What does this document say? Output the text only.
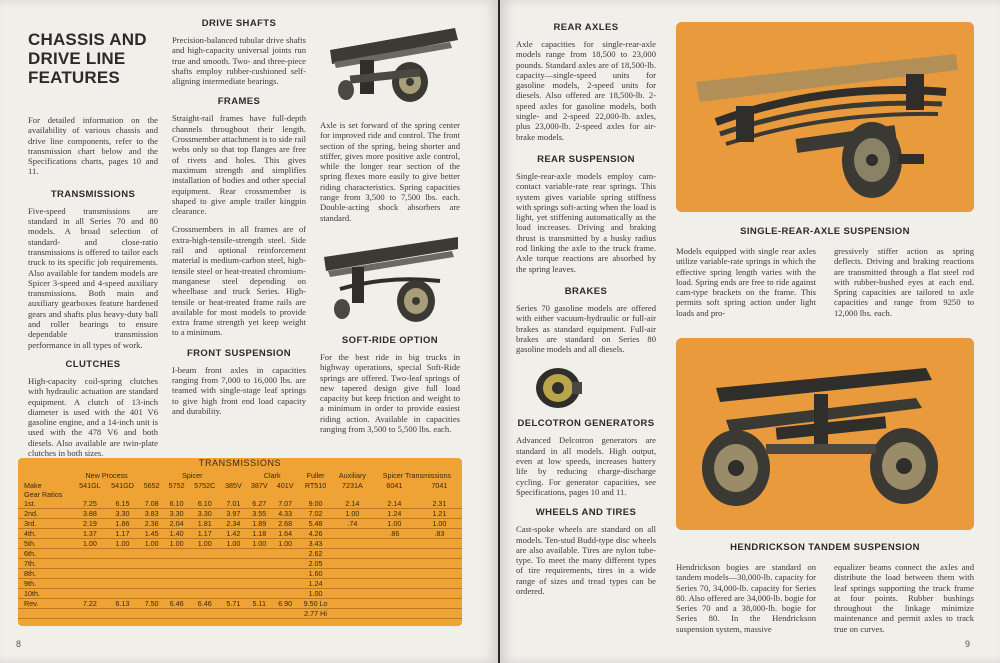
CHASSIS AND
DRIVE LINE
FEATURES

For detailed information on the availability of various chassis and drive line components, refer to the transmission chart below and the Specifications charts, pages 10 and 11.

TRANSMISSIONS

Five-speed transmissions are standard in all Series 70 and 80 models. A broad selection of standard- and close-ratio transmissions is offered to tailor each truck to its specific job requirements. Also available for tandem models are Spicer 3-speed and 4-speed auxiliary transmissions. Both main and auxiliary gearboxes feature hardened gears and shafts plus heavy-duty ball and roller bearings to ensure dependable transmission performance in all types of work.

CLUTCHES

High-capacity coil-spring clutches with hydraulic actuation are standard equipment. A clutch of 13-inch diameter is used with the 401 V6 gasoline engine, and a 14-inch unit is used with the 478 V6 and both diesels. Also available are twin-plate clutches in both sizes.

DRIVE SHAFTS

Precision-balanced tubular drive shafts and high-capacity universal joints run true and smooth. Two- and three-piece shafts employ rubber-cushioned self-aligning intermediate bearings.

FRAMES

Straight-rail frames have full-depth channels throughout their length. Crossmember attachment is to side rail webs only so that top flanges are free of rivets and holes. This gives maximum strength and simplifies installation of bodies and other special equipment. Rear crossmember is shaped to give ample trailer kingpin clearance.

Crossmembers in all frames are of extra-high-tensile-strength steel. Side rail and optional reinforcement material is medium-carbon steel, high-tensile steel or heat-treated chromium-manganese steel depending on wheelbase and truck Series. High-tensile or heat-treated frame rails are available for most models to provide extra frame strength yet keep weight to a minimum.

FRONT SUSPENSION

I-beam front axles in capacities ranging from 7,000 to 16,000 lbs. are teamed with single-stage leaf springs to give high front end load capacity and durability.

Axle is set forward of the spring center for improved ride and control. The front section of the spring, being shorter and stiffer, gives more positive axle control, while the longer rear section of the spring flexes more easily to give better riding characteristics. Spring capacities range from 3,500 to 7,500 lbs. each. Double-acting shock absorbers are standard.

SOFT-RIDE OPTION

For the best ride in big trucks in highway operations, special Soft-Ride springs are offered. Two-leaf springs of new tapered design give full load capacity but keep friction and weight to a minimum in order to provide easiest riding action. Available in capacities ranging from 3,500 to 5,500 lbs. each.

TRANSMISSIONS
	New Process			Spicer			Clark		Fuller	Auxiliary	Spicer Transmissions	
Make	541GL	541GD	5652	5752	5752C	385V	387V	401V	RT510	7231A	6041	7041
Gear Ratios												
1st.	7.25	6.15	7.08	6.10	6.10	7.01	6.27	7.07	9.00	2.14	2.14	2.31
2nd.	3.88	3.30	3.83	3.30	3.30	3.97	3.55	4.33	7.02	1.00	1.24	1.21
3rd.	2.19	1.86	2.36	2.04	1.81	2.34	1.89	2.68	5.48	.74	1.00	1.00
4th.	1.37	1.17	1.45	1.40	1.17	1.42	1.18	1.64	4.26		.86	.83
5th.	1.00	1.00	1.00	1.00	1.00	1.00	1.00	1.00	3.43			
6th.									2.62			
7th.									2.05			
8th.									1.60			
9th.									1.24			
10th.									1.00			
Rev.	7.22	6.13	7.50	6.46	6.46	5.71	5.11	6.90	9.50 Lo			
									2.77 Hi			
8
REAR AXLES

Axle capacities for single-rear-axle models range from 18,500 to 23,000 pounds. Standard axles are of 18,500-lb. capacity—single-speed units for gasoline models, 2-speed units for diesels. Also offered are 18,500-lb. 2-speed axles for gasoline models, both single- and 2-speed 22,000-lb. axles, plus 23,000-lb. 2-speed axles for air-brake models.

REAR SUSPENSION

Single-rear-axle models employ cam-contact variable-rate rear springs. This system gives variable spring stiffness with springs soft-acting when the load is light, yet stiffening automatically as the load increases. Driving and braking thrust is transmitted by a husky radius rod linking the axle to the truck frame. Axle torque reactions are absorbed by the spring leaves.

BRAKES

Series 70 gasoline models are offered with either vacuum-hydraulic or full-air brakes as standard equipment. Full-air brakes are standard on Series 80 gasoline models and all diesels.

DELCOTRON GENERATORS

Advanced Delcotron generators are standard in all models. High output, even at low speeds, increases battery life by reducing charge-discharge cycling. For generator capacities, see Specifications, pages 10 and 11.

WHEELS AND TIRES

Cast-spoke wheels are standard on all models. Ten-stud Budd-type disc wheels are also available. Tires are nylon tube-type. To meet the many different types of tire requirements, tires in a wide range of sizes and tread types can be ordered.

SINGLE-REAR-AXLE SUSPENSION

Models equipped with single rear axles utilize variable-rate springs in which the effective spring length varies with the load. Spring ends are free to ride against cam-type brackets on the frame. This permits soft spring action under light loads and pro-

gressively stiffer action as spring deflects. Driving and braking reactions are transmitted through a flat steel rod with rubber-bushed eyes at each end. Spring capacities are tailored to axle capacities and range from 9250 to 12,000 lbs. each.

HENDRICKSON TANDEM SUSPENSION

Hendrickson bogies are standard on tandem models—30,000-lb. capacity for Series 70, 34,000-lb. capacity for Series 80. Also offered are 34,000-lb. bogie for Series 70 and a 38,000-lb. bogie for Series 80. In the Hendrickson suspension system, massive

equalizer beams connect the axles and distribute the load between them with leaf springs supporting the truck frame at four points. Rubber bushings throughout the linkage minimize maintenance and permit axles to track true on curves.

9
